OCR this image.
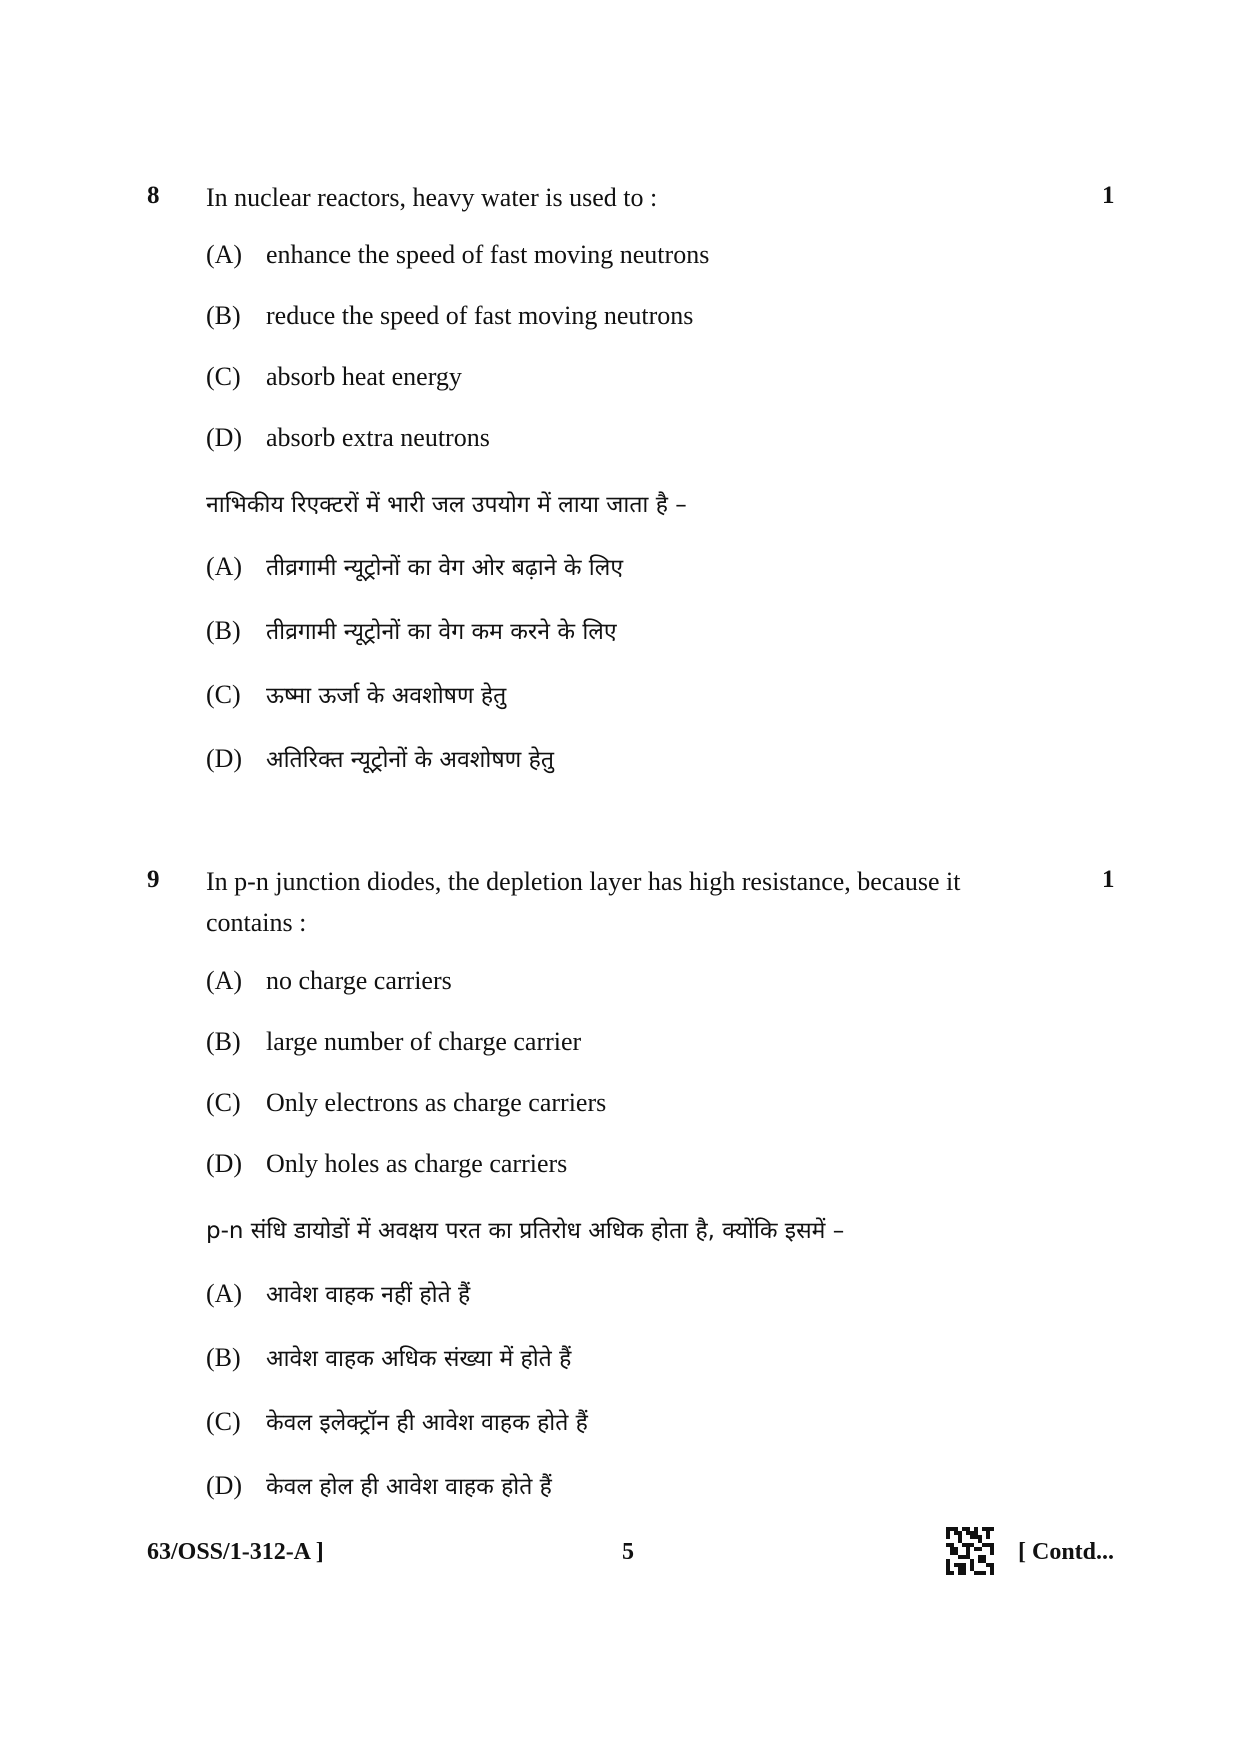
8 In nuclear reactors, heavy water is used to :	1
(A) enhance the speed of fast moving neutrons
(B) reduce the speed of fast moving neutrons
(C) absorb heat energy
(D) absorb extra neutrons
नाभिकीय रिएक्टरों में भारी जल उपयोग में लाया जाता है –
(A) तीव्रगामी न्यूट्रोनों का वेग ओर बढ़ाने के लिए
(B) तीव्रगामी न्यूट्रोनों का वेग कम करने के लिए
(C) ऊष्मा ऊर्जा के अवशोषण हेतु
(D) अतिरिक्त न्यूट्रोनों के अवशोषण हेतु
9 In p-n junction diodes, the depletion layer has high resistance, because it contains :
1
(A) no charge carriers
(B) large number of charge carrier
(C) Only electrons as charge carriers
(D) Only holes as charge carriers
p-n संधि डायोडों में अवक्षय परत का प्रतिरोध अधिक होता है, क्योंकि इसमें –
(A) आवेश वाहक नहीं होते हैं
(B) आवेश वाहक अधिक संख्या में होते हैं
(C) केवल इलेक्ट्रॉन ही आवेश वाहक होते हैं
(D) केवल होल ही आवेश वाहक होते हैं
63/OSS/1-312-A ]	5	[ Contd...
